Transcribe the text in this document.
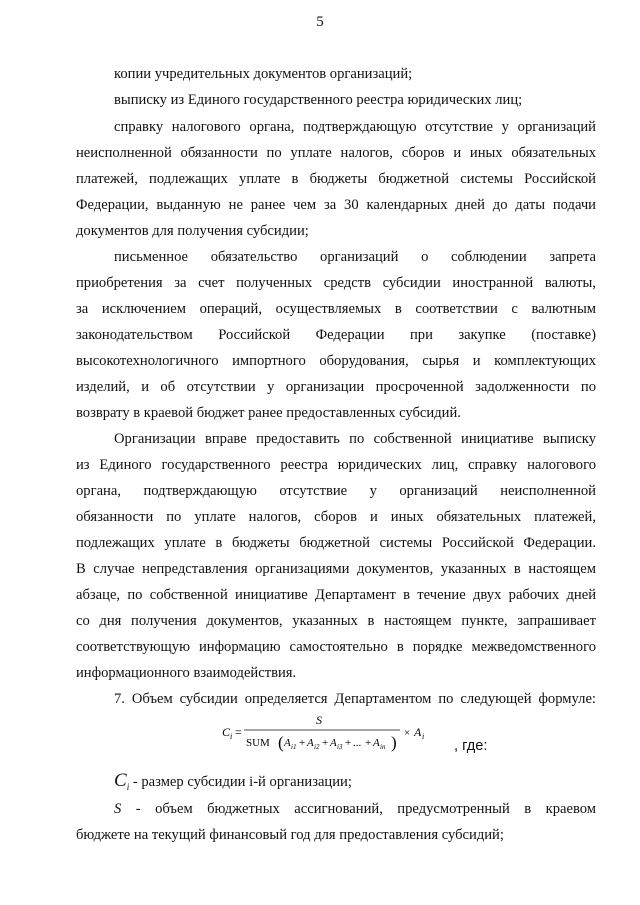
5
копии учредительных документов организаций;
выписку из Единого государственного реестра юридических лиц;
справку налогового органа, подтверждающую отсутствие у организаций
неисполненной обязанности по уплате налогов, сборов и иных обязательных
платежей, подлежащих уплате в бюджеты бюджетной системы Российской
Федерации, выданную не ранее чем за 30 календарных дней до даты подачи
документов для получения субсидии;
письменное обязательство организаций о соблюдении запрета
приобретения за счет полученных средств субсидии иностранной валюты,
за исключением операций, осуществляемых в соответствии с валютным
законодательством Российской Федерации при закупке (поставке)
высокотехнологичного импортного оборудования, сырья и комплектующих
изделий, и об отсутствии у организации просроченной задолженности по
возврату в краевой бюджет ранее предоставленных субсидий.
Организации вправе предоставить по собственной инициативе выписку
из Единого государственного реестра юридических лиц, справку налогового
органа, подтверждающую отсутствие у организаций неисполненной
обязанности по уплате налогов, сборов и иных обязательных платежей,
подлежащих уплате в бюджеты бюджетной системы Российской Федерации.
В случае непредставления организациями документов, указанных в настоящем
абзаце, по собственной инициативе Департамент в течение двух рабочих дней
со дня получения документов, указанных в настоящем пункте, запрашивает
соответствующую информацию самостоятельно в порядке межведомственного
информационного взаимодействия.
7. Объем субсидии определяется Департаментом по следующей формуле:
бюджете на текущий финансовый год для предоставления субсидий;
C i =
S
SUM ( A i1 + A i2 + A i3 + ... + A in ) × A i
, где:
$C_i$ - размер субсидии i-й организации;
S - объем бюджетных ассигнований, предусмотренный в краевом
